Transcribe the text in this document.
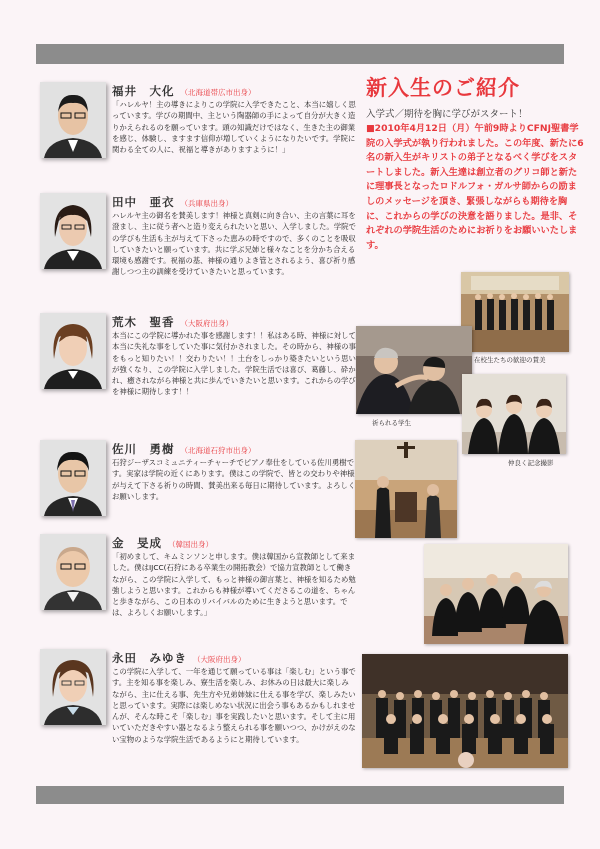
福井　大化 （北海道帯広市出身）

「ハレルヤ！主の導きによりこの学院に入学できたこと、本当に嬉しく思っています。学びの期間中、主という陶器師の手によって自分が大きく造りかえられるのを願っています。頭の知識だけではなく、生きた主の御業を感じ、体験し、ますます信仰が増していくようになりたいです。学院に関わる全ての人に、祝福と導きがありますように！」

田中　亜衣 （兵庫県出身）

ハレルヤ主の御名を賛美します！神様と真剣に向き合い、主の言葉に耳を澄まし、主に従う者へと造り変えられたいと思い、入学しました。学院での学びも生活も主が与えて下さった恵みの時ですので、多くのことを吸収していきたいと願っています。共に学ぶ兄姉と様々なことを分かち合える環境も感謝です。祝福の基、神様の通りよき管とされるよう、喜び祈り感謝しつつ主の訓練を受けていきたいと思っています。

荒木　聖香 （大阪府出身）

本当にこの学院に導かれた事を感謝します！！私はある時、神様に対して本当に失礼な事をしていた事に気付かされました。その時から、神様の事をもっと知りたい！！交わりたい！！土台をしっかり築きたいという思いが強くなり、この学院に入学しました。学院生活では喜び、葛藤し、砕かれ、癒されながら神様と共に歩んでいきたいと思います。これからの学びを神様に期待します！！

佐川　勇樹 （北海道石狩市出身）

石狩ジーザスコミュニティーチャーチでピアノ奉仕をしている佐川勇樹です。実家は学院の近くにあります。僕はこの学院で、皆との交わりや神様が与えて下さる祈りの時間、賛美出来る毎日に期待しています。よろしくお願いします。

金　旻成 （韓国出身）

「初めまして、キムミンソンと申します。僕は韓国から宣教師として来ました。僕はIJCC(石狩にある卒業生の開拓教会）で協力宣教師として働きながら、この学院に入学して、もっと神様の御言葉と、神様を知るため勉強しようと思います。これからも神様が導いてくださるこの道を、ちゃんと歩きながら、この日本のリバイバルのために生きようと思います。では、よろしくお願いします。」

永田　みゆき （大阪府出身）

この学院に入学して、一年を通じて願っている事は「楽しむ」という事です。主を知る事を楽しみ、寮生活を楽しみ、お休みの日は最大に楽しみながら、主に仕える事、先生方や兄弟姉妹に仕える事を学び、楽しみたいと思っています。実際には楽しめない状況に出会う事もあるかもしれませんが、そんな時こそ「楽しむ」事を実践したいと思います。そして主に用いていただきやすい器となるよう整えられる事を願いつつ、かけがえのない宝物のような学院生活であるようにと期待しています。

新入生のご紹介
入学式／期待を胸に学びがスタート！

■2010年4月12日（月）午前9時よりCFNJ聖書学院の入学式が執り行われました。この年度、新たに6名の新入生がキリストの弟子となるべく学びをスタートしました。新入生達は創立者のグリコ師と新たに理事長となったロドルフォ・ガルサ師からの励ましのメッセージを頂き、緊張しながらも期待を胸に、これからの学びの決意を語りました。是非、それぞれの学院生活のためにお祈りをお願いいたします。

在校生たちの歓迎の賛美
祈られる学生
仲良く記念撮影
